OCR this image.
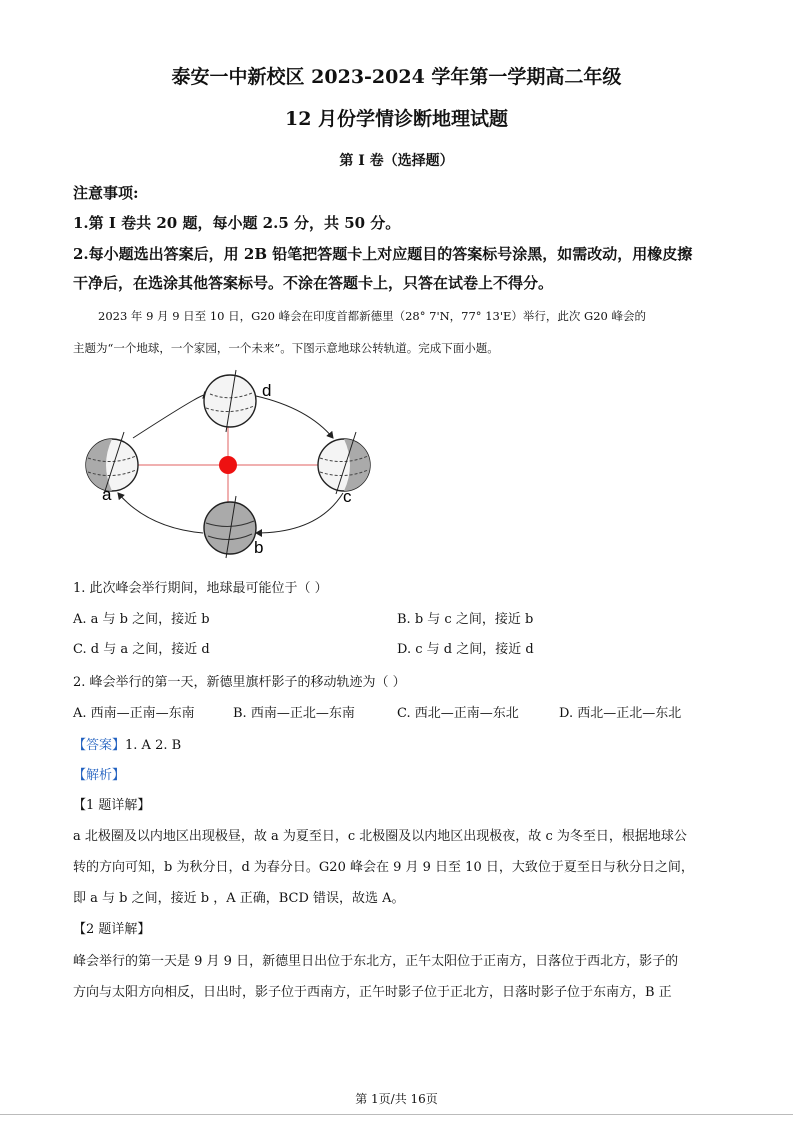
泰安一中新校区 2023-2024 学年第一学期高二年级
12 月份学情诊断地理试题
第 I 卷（选择题）
注意事项:
1.第 I 卷共 20 题，每小题 2.5 分，共 50 分。
2.每小题选出答案后，用 2B 铅笔把答题卡上对应题目的答案标号涂黑，如需改动，用橡皮擦
干净后，在选涂其他答案标号。不涂在答题卡上，只答在试卷上不得分。
2023 年 9 月 9 日至 10 日，G20 峰会在印度首都新德里（28° 7'N，77° 13'E）举行，此次 G20 峰会的
主题为“一个地球，一个家园，一个未来”。下图示意地球公转轨道。完成下面小题。
d
a	c
b
1. 此次峰会举行期间，地球最可能位于（ ）
A. a 与 b 之间，接近 b	B. b 与 c 之间，接近 b
C. d 与 a 之间，接近 d	D. c 与 d 之间，接近 d
2. 峰会举行的第一天，新德里旗杆影子的移动轨迹为（ ）
A. 西南—正南—东南	B. 西南—正北—东南	C. 西北—正南—东北	D. 西北—正北—东北
【答案】1. A 2. B
【解析】
【1 题详解】
a 北极圈及以内地区出现极昼，故 a 为夏至日，c 北极圈及以内地区出现极夜，故 c 为冬至日，根据地球公
转的方向可知，b 为秋分日，d 为春分日。G20 峰会在 9 月 9 日至 10 日，大致位于夏至日与秋分日之间，
即 a 与 b 之间，接近 b ，A 正确，BCD 错误，故选 A。
【2 题详解】
峰会举行的第一天是 9 月 9 日，新德里日出位于东北方，正午太阳位于正南方，日落位于西北方，影子的
方向与太阳方向相反，日出时，影子位于西南方，正午时影子位于正北方，日落时影子位于东南方，B 正
第 1页/共 16页
